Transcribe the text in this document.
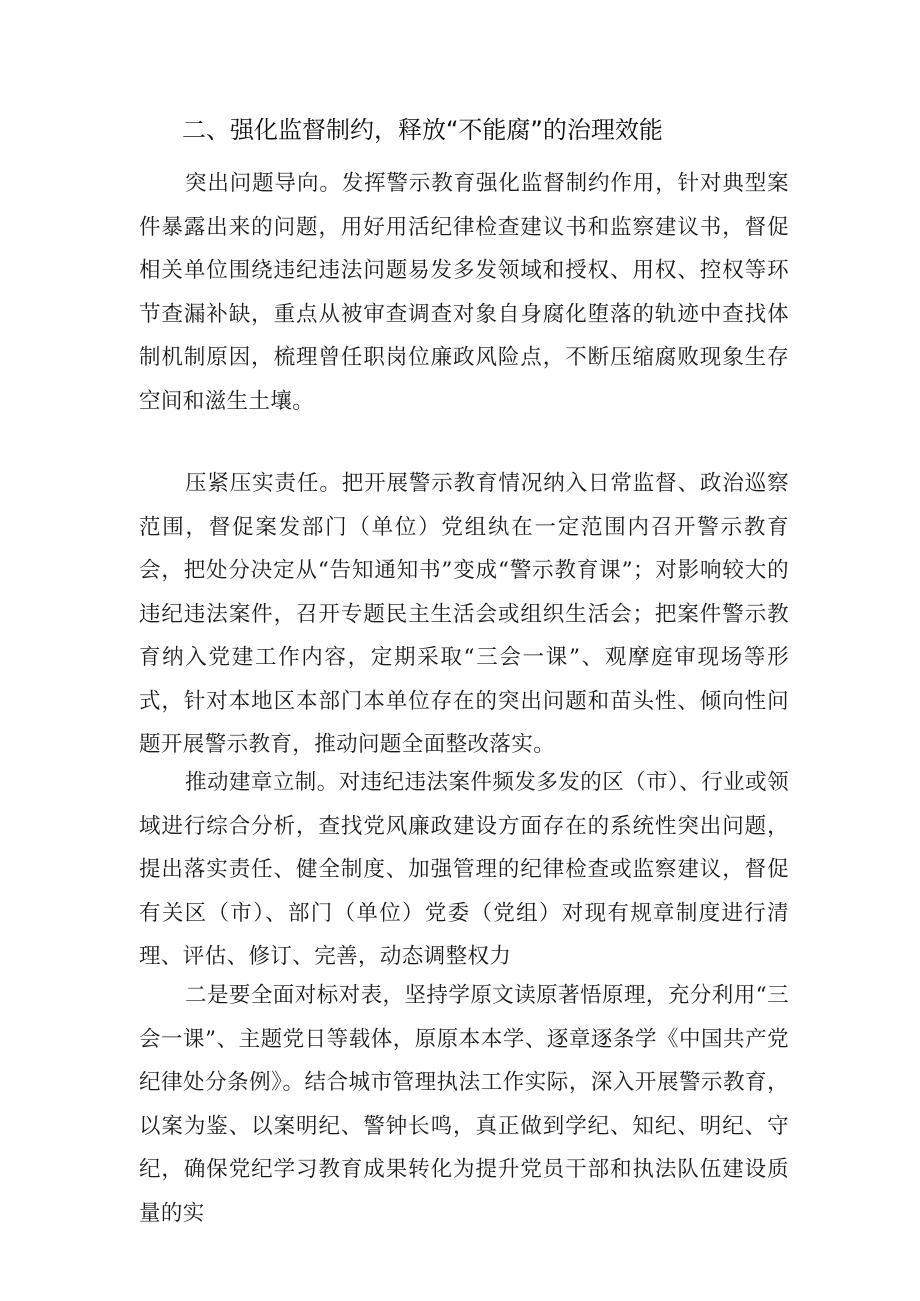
二、强化监督制约，释放“不能腐”的治理效能

突出问题导向。发挥警示教育强化监督制约作用，针对典型案件暴露出来的问题，用好用活纪律检查建议书和监察建议书，督促相关单位围绕违纪违法问题易发多发领域和授权、用权、控权等环节查漏补缺，重点从被审查调查对象自身腐化堕落的轨迹中查找体制机制原因，梳理曾任职岗位廉政风险点，不断压缩腐败现象生存空间和滋生土壤。

压紧压实责任。把开展警示教育情况纳入日常监督、政治巡察范围，督促案发部门（单位）党组纨在一定范围内召开警示教育会，把处分决定从“告知通知书”变成“警示教育课”；对影响较大的违纪违法案件，召开专题民主生活会或组织生活会；把案件警示教育纳入党建工作内容，定期采取“三会一课”、观摩庭审现场等形式，针对本地区本部门本单位存在的突出问题和苗头性、倾向性问题开展警示教育，推动问题全面整改落实。

推动建章立制。对违纪违法案件频发多发的区（市）、行业或领域进行综合分析，查找党风廉政建设方面存在的系统性突出问题，提出落实责任、健全制度、加强管理的纪律检查或监察建议，督促有关区（市）、部门（单位）党委（党组）对现有规章制度进行清理、评估、修订、完善，动态调整权力

二是要全面对标对表，坚持学原文读原著悟原理，充分利用“三会一课”、主题党日等载体，原原本本学、逐章逐条学《中国共产党纪律处分条例》。结合城市管理执法工作实际，深入开展警示教育，以案为鉴、以案明纪、警钟长鸣，真正做到学纪、知纪、明纪、守纪，确保党纪学习教育成果转化为提升党员干部和执法队伍建设质量的实
